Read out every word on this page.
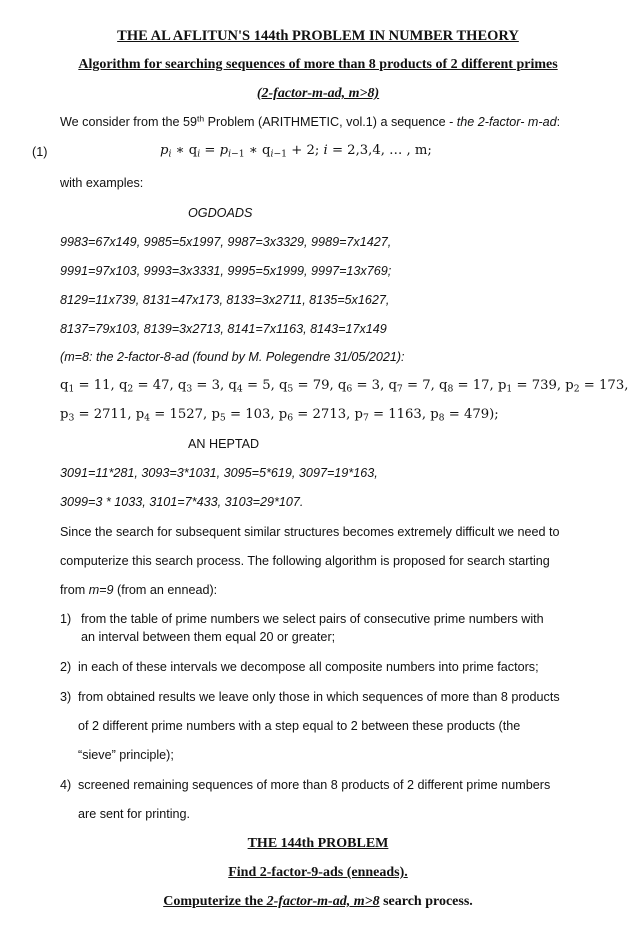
THE AL AFLITUN'S 144th PROBLEM IN NUMBER THEORY
Algorithm for searching sequences of more than 8 products of 2 different primes
(2-factor-m-ad, m>8)
We consider from the 59th Problem (ARITHMETIC, vol.1) a sequence - the 2-factor- m-ad:
(1)	$p_i$ ∗ $q_i = p_{i-1}$ ∗ $q_{i-1} + 2$; i = 2,3,4, … , m;
with examples:
OGDOADS
9983=67x149, 9985=5x1997, 9987=3x3329, 9989=7x1427,
9991=97x103, 9993=3x3331, 9995=5x1999, 9997=13x769;
8129=11x739, 8131=47x173, 8133=3x2711, 8135=5x1627,
8137=79x103, 8139=3x2713, 8141=7x1163, 8143=17x149
(m=8: the 2-factor-8-ad (found by M. Polegendre 31/05/2021):
$q_1 = 11$, $q_2 = 47$, $q_3 = 3$, $q_4 = 5$, $q_5 = 79$, $q_6 = 3$, $q_7 = 7$, $q_8 = 17$, $p_1 = 739$, $p_2 = 173$,
$p_3 = 2711$, $p_4 = 1527$, $p_5 = 103$, $p_6 = 2713$, $p_7 = 1163$, $p_8 = 479$);
AN HEPTAD
3091=11*281, 3093=3*1031, 3095=5*619, 3097=19*163,
3099=3 * 1033, 3101=7*433, 3103=29*107.
Since the search for subsequent similar structures becomes extremely difficult we need to
computerize this search process. The following algorithm is proposed for search starting
from m=9 (from an ennead):
1) from the table of prime numbers we select pairs of consecutive prime numbers with
an interval between them equal 20 or greater;
2) in each of these intervals we decompose all composite numbers into prime factors;
3) from obtained results we leave only those in which sequences of more than 8 products
of 2 different prime numbers with a step equal to 2 between these products (the
“sieve” principle);
4) screened remaining sequences of more than 8 products of 2 different prime numbers
are sent for printing.
THE 144th PROBLEM
Find 2-factor-9-ads (enneads).
Computerize the 2-factor-m-ad, m>8 search process.
